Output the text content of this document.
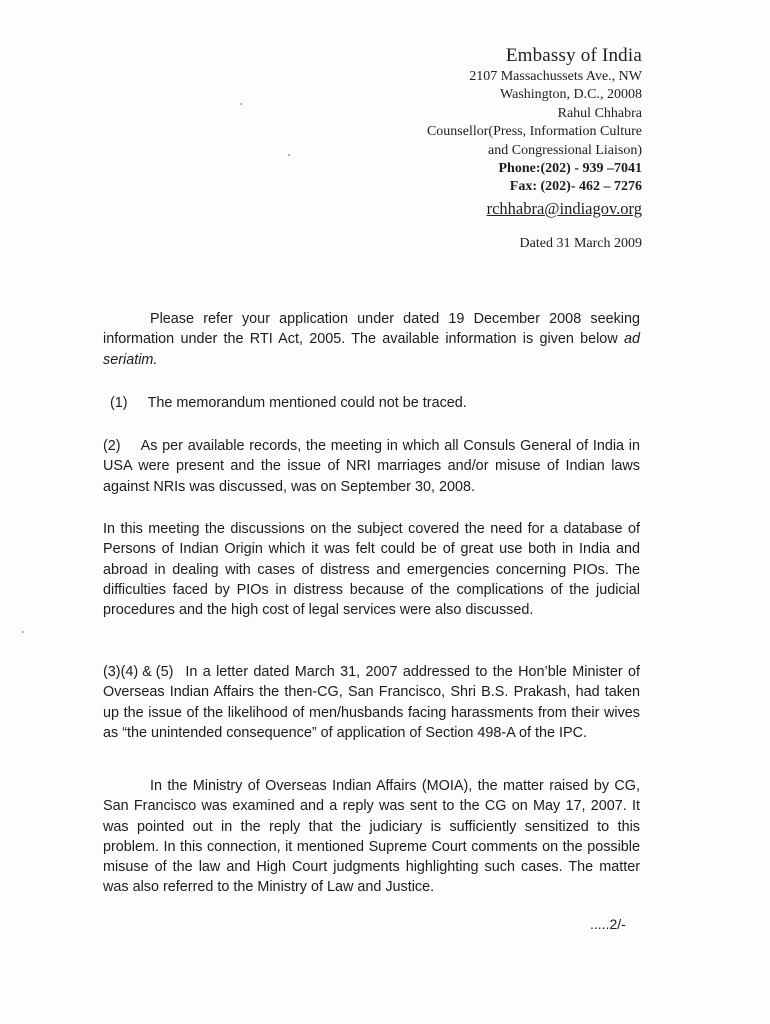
Embassy of India
2107 Massachussets Ave., NW
Washington, D.C., 20008
Rahul Chhabra
Counsellor(Press, Information Culture
and Congressional Liaison)
Phone:(202) - 939 –7041
Fax: (202)- 462 – 7276
rchhabra@indiagov.org
Dated 31 March 2009

Please refer your application under dated 19 December 2008 seeking information under the RTI Act, 2005. The available information is given below ad seriatim.

(1) The memorandum mentioned could not be traced.

(2) As per available records, the meeting in which all Consuls General of India in USA were present and the issue of NRI marriages and/or misuse of Indian laws against NRIs was discussed, was on September 30, 2008.

In this meeting the discussions on the subject covered the need for a database of Persons of Indian Origin which it was felt could be of great use both in India and abroad in dealing with cases of distress and emergencies concerning PIOs. The difficulties faced by PIOs in distress because of the complications of the judicial procedures and the high cost of legal services were also discussed.

(3)(4) & (5) In a letter dated March 31, 2007 addressed to the Hon’ble Minister of Overseas Indian Affairs the then-CG, San Francisco, Shri B.S. Prakash, had taken up the issue of the likelihood of men/husbands facing harassments from their wives as “the unintended consequence” of application of Section 498-A of the IPC.

In the Ministry of Overseas Indian Affairs (MOIA), the matter raised by CG, San Francisco was examined and a reply was sent to the CG on May 17, 2007. It was pointed out in the reply that the judiciary is sufficiently sensitized to this problem. In this connection, it mentioned Supreme Court comments on the possible misuse of the law and High Court judgments highlighting such cases. The matter was also referred to the Ministry of Law and Justice.

.....2/-
